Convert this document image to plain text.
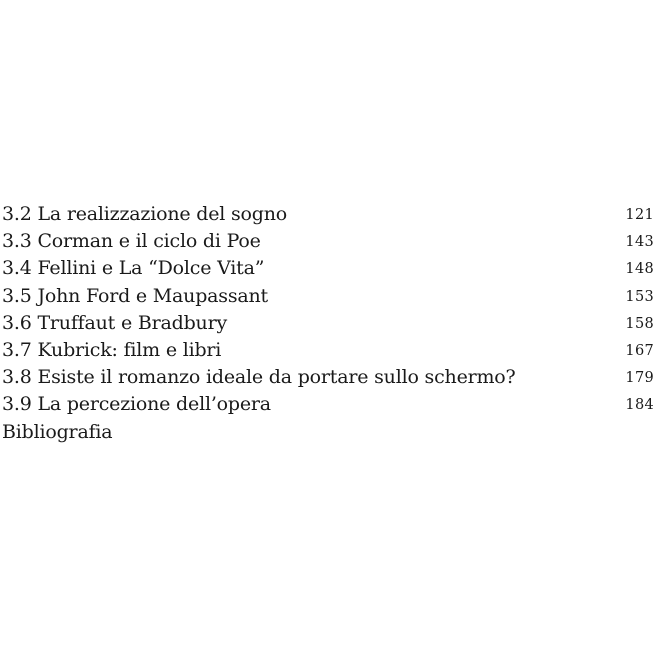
3.2 La realizzazione del sogno	121
3.3 Corman e il ciclo di Poe	143
3.4 Fellini e La “Dolce Vita”	148
3.5 John Ford e Maupassant	153
3.6 Truffaut e Bradbury	158
3.7 Kubrick: film e libri	167
3.8 Esiste il romanzo ideale da portare sullo schermo?	179
3.9 La percezione dell’opera	184
Bibliografia
